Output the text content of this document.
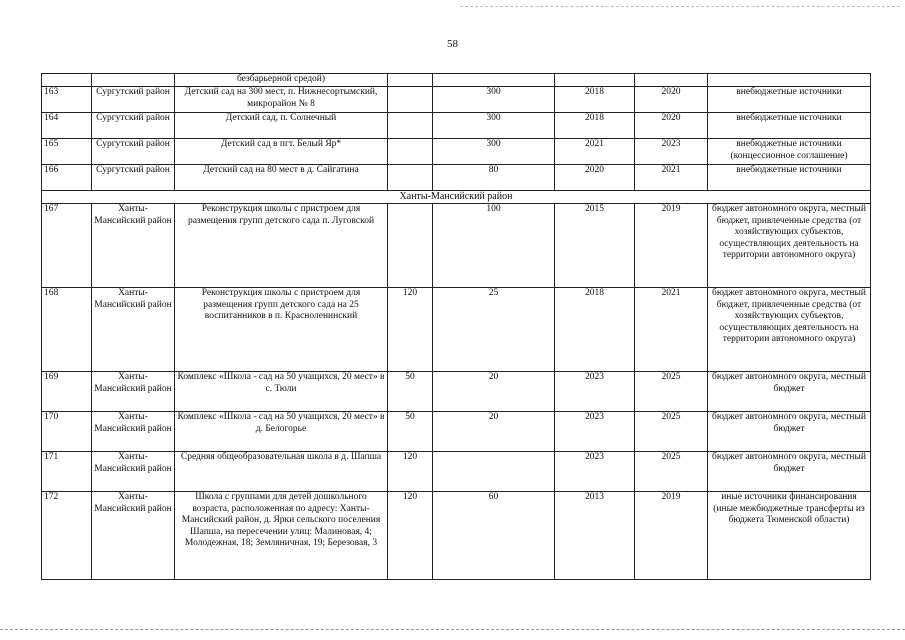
58
		безбарьерной средой)					
163	Сургутский район	Детский сад на 300 мест, п. Нижнесортымский, микрорайон № 8		300	2018	2020	внебюджетные источники
164	Сургутский район	Детский сад, п. Солнечный		300	2018	2020	внебюджетные источники
165	Сургутский район	Детский сад в пгт. Белый Яр*		300	2021	2023	внебюджетные источники (концессионное соглашение)
166	Сургутский район	Детский сад на 80 мест в д. Сайгатина		80	2020	2021	внебюджетные источники
Ханты-Мансийский район							
167	Ханты-Мансийский район	Реконструкция школы с пристроем для размещения групп детского сада п. Луговской		100	2015	2019	бюджет автономного округа, местный бюджет, привлеченные средства (от хозяйствующих субъектов, осуществляющих деятельность на территории автономного округа)
168	Ханты-Мансийский район	Реконструкция школы с пристроем для размещения групп детского сада на 25 воспитанников в п. Красноленинский	120	25	2018	2021	бюджет автономного округа, местный бюджет, привлеченные средства (от хозяйствующих субъектов, осуществляющих деятельность на территории автономного округа)
169	Ханты-Мансийский район	Комплекс «Школа - сад на 50 учащихся, 20 мест» в с. Тюли	50	20	2023	2025	бюджет автономного округа, местный бюджет
170	Ханты-Мансийский район	Комплекс «Школа - сад на 50 учащихся, 20 мест» в д. Белогорье	50	20	2023	2025	бюджет автономного округа, местный бюджет
171	Ханты-Мансийский район	Средняя общеобразовательная школа в д. Шапша	120		2023	2025	бюджет автономного округа, местный бюджет
172	Ханты-Мансийский район	Школа с группами для детей дошкольного возраста, расположенная по адресу: Ханты-Мансийский район, д. Ярки сельского поселения Шапша, на пересечении улиц: Малиновая, 4; Молодежная, 18; Земляничная, 19; Березовая, 3	120	60	2013	2019	иные источники финансирования (иные межбюджетные трансферты из бюджета Тюменской области)
